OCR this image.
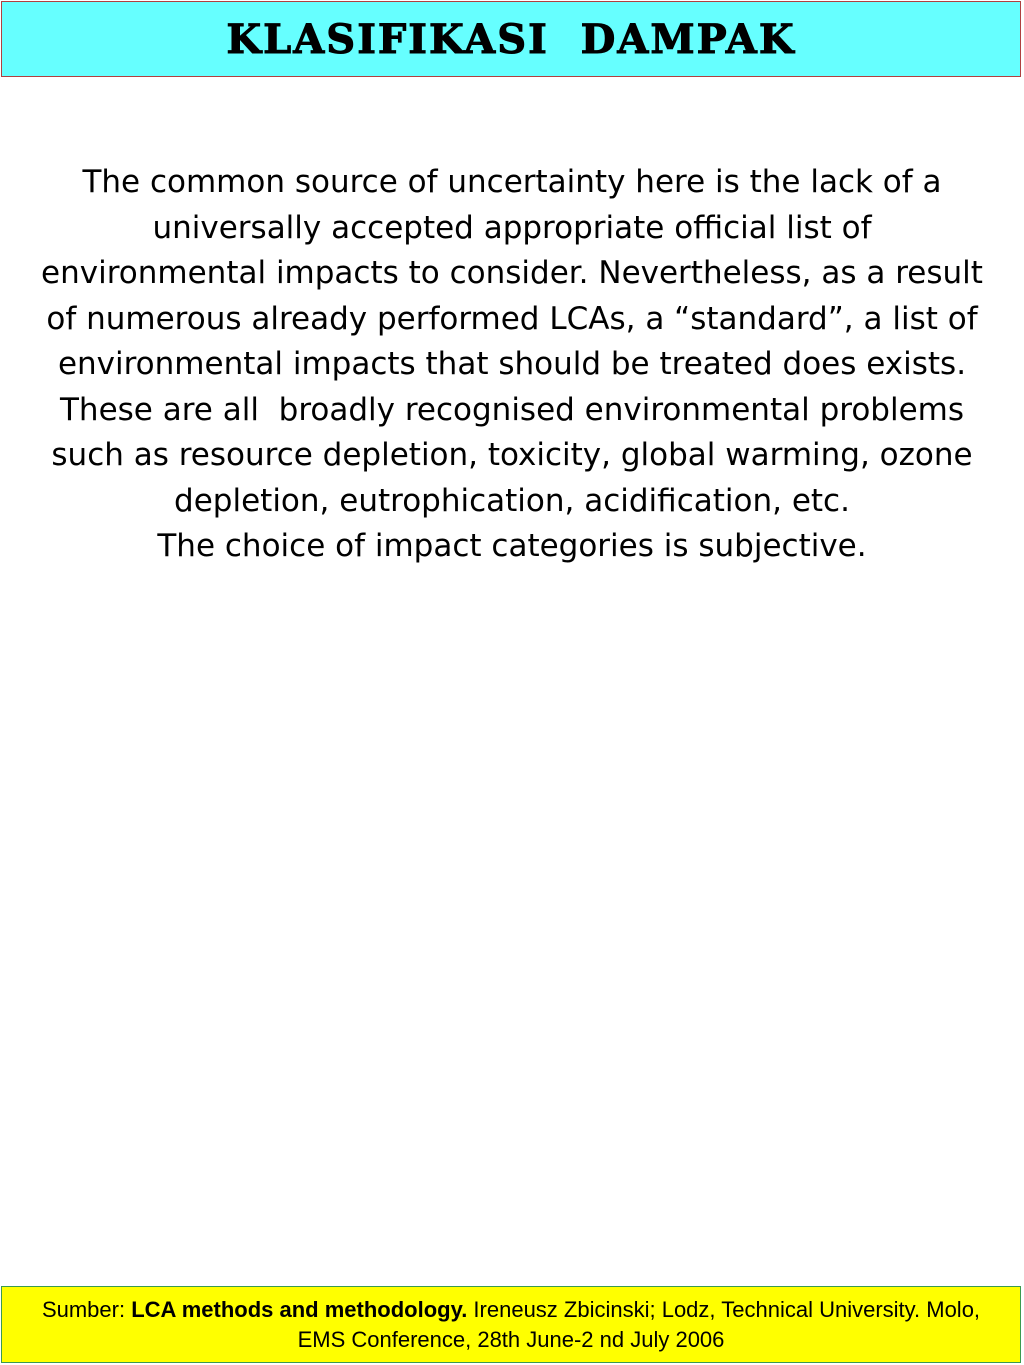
KLASIFIKASI  DAMPAK

The common source of uncertainty here is the lack of a universally accepted appropriate official list of environmental impacts to consider. Nevertheless, as a result of numerous already performed LCAs, a “standard”, a list of environmental impacts that should be treated does exists.

These are all  broadly recognised environmental problems such as resource depletion, toxicity, global warming, ozone depletion, eutrophication, acidification, etc.

The choice of impact categories is subjective.

Sumber: LCA methods and methodology. Ireneusz Zbicinski; Lodz, Technical University. Molo, EMS Conference, 28th June-2 nd July 2006
